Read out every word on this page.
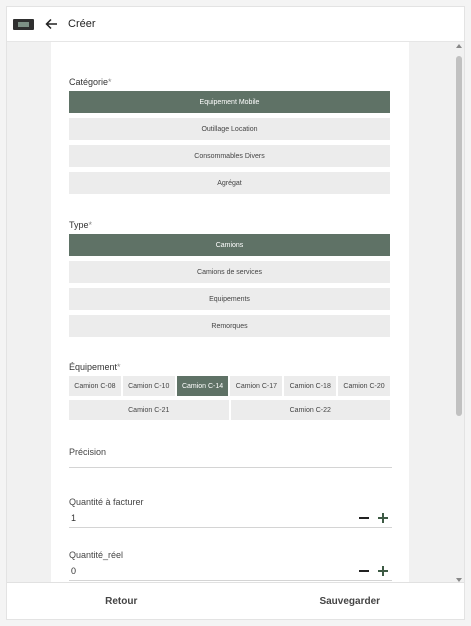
Créer
Catégorie*
Equipement Mobile
Outillage Location
Consommables Divers
Agrégat
Type*
Camions
Camions de services
Equipements
Remorques
Équipement*
Camion C-08	Camion C-10	Camion C-14	Camion C-17	Camion C-18	Camion C-20
Camion C-21	Camion C-22
Précision
Quantité à facturer
1
Quantité_réel
0
Retour	Sauvegarder
